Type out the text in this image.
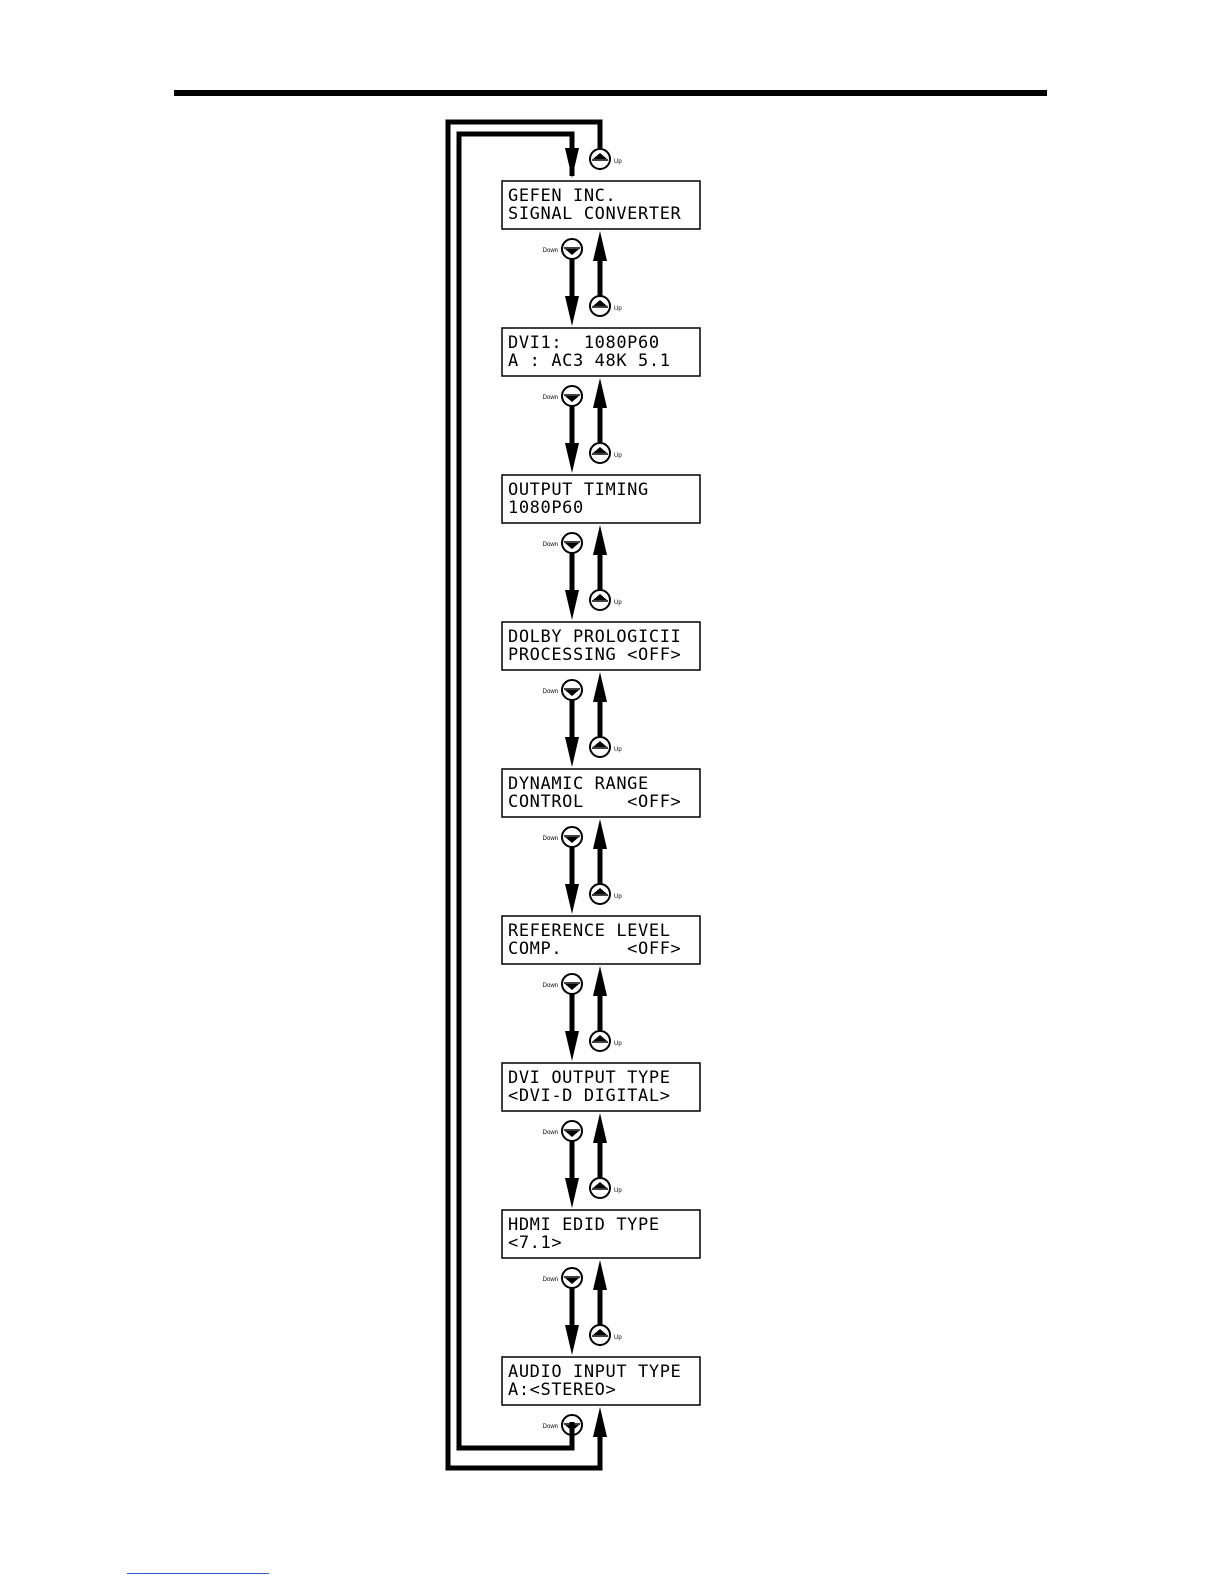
Up
GEFEN INC.
SIGNAL CONVERTER
DVI1:  1080P60
A : AC3 48K 5.1
OUTPUT TIMING
1080P60
DOLBY PROLOGICII
PROCESSING <OFF>
DYNAMIC RANGE
CONTROL    <OFF>
REFERENCE LEVEL
COMP.      <OFF>
DVI OUTPUT TYPE
<DVI-D DIGITAL>
HDMI EDID TYPE
<7.1>
AUDIO INPUT TYPE
A:<STEREO>
Down
Up
Down
Up
Down
Up
Down
Up
Down
Up
Down
Up
Down
Up
Down
Up
Down
